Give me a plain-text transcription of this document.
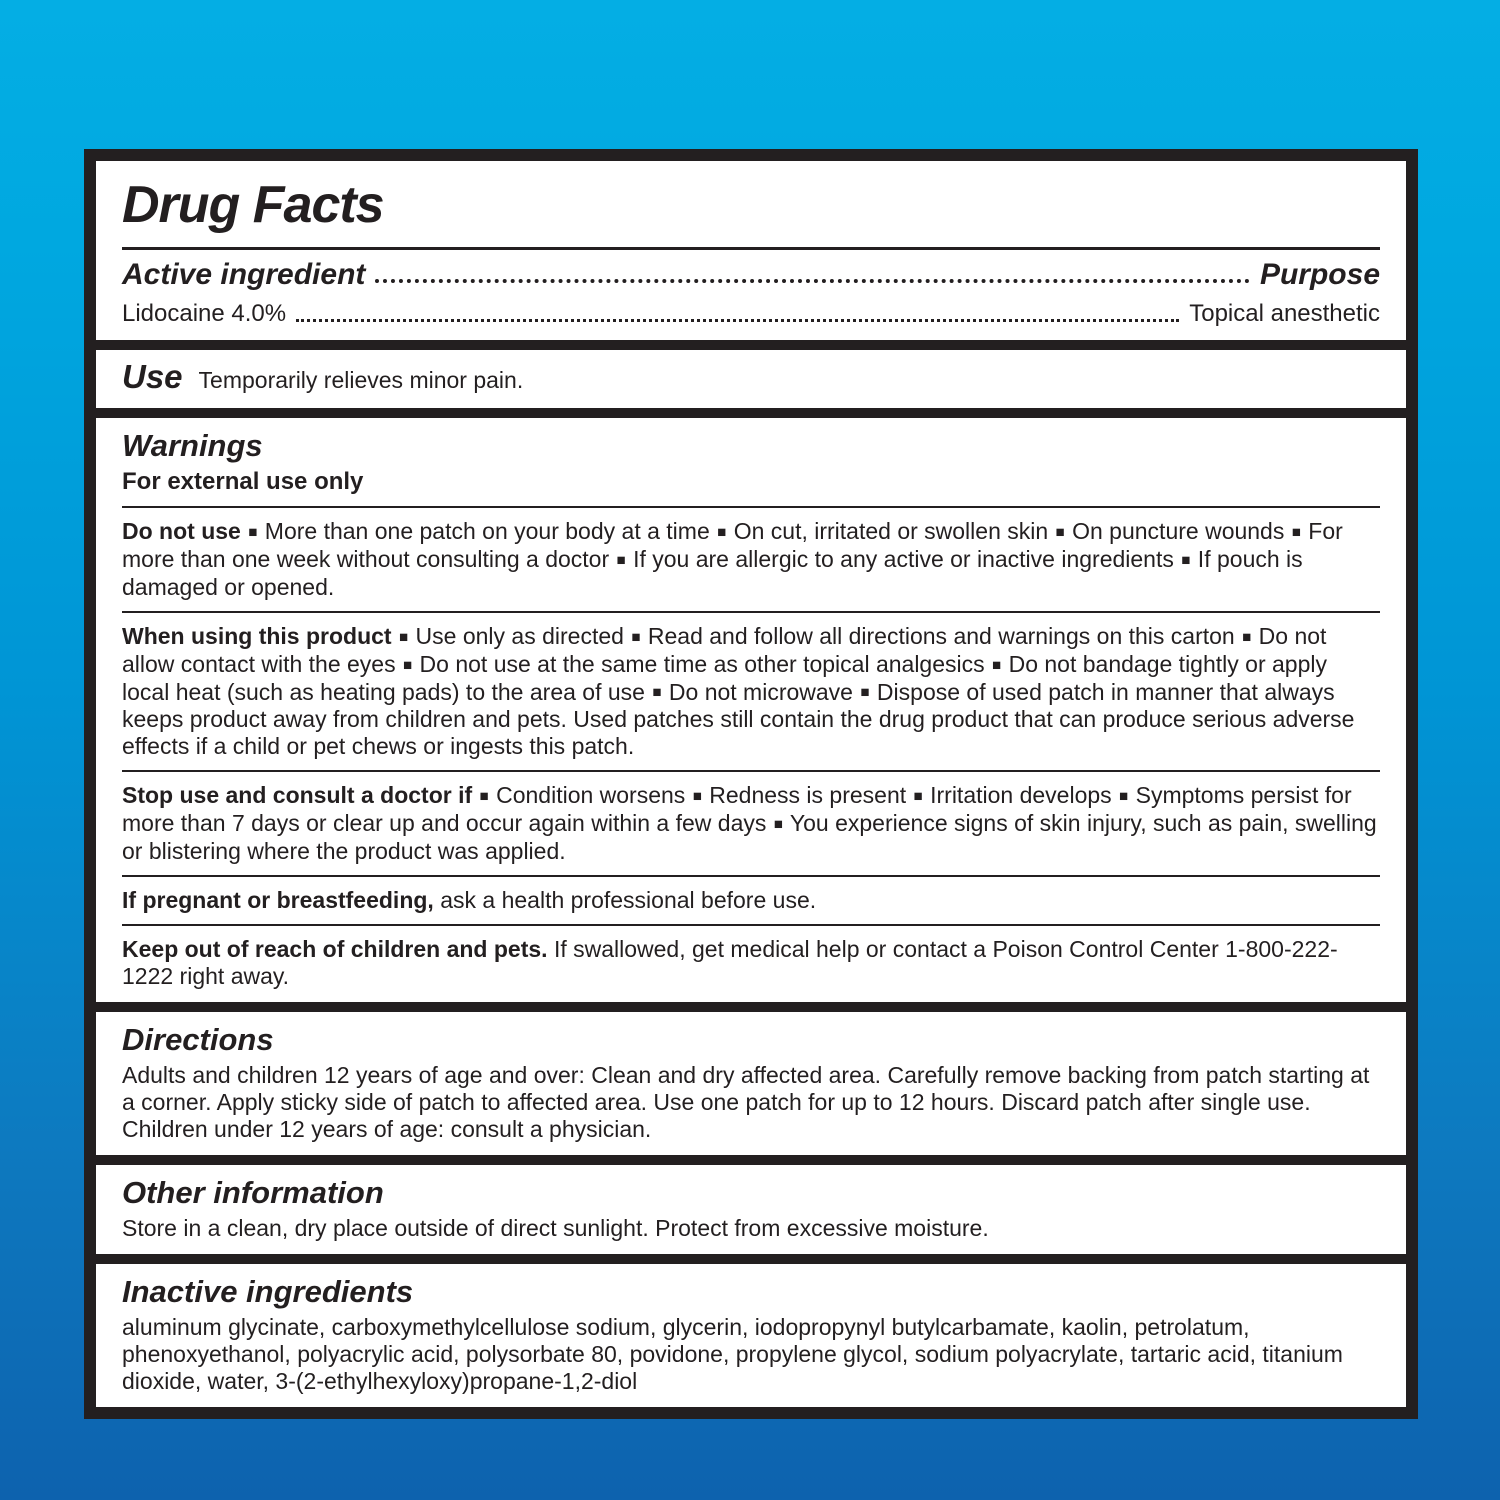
Drug Facts
Active ingredient	Purpose
Lidocaine 4.0%	Topical anesthetic
Use Temporarily relieves minor pain.
Warnings

For external use only

Do not use ■ More than one patch on your body at a time ■ On cut, irritated or swollen skin ■ On puncture wounds ■ For more than one week without consulting a doctor ■ If you are allergic to any active or inactive ingredients ■ If pouch is damaged or opened.

When using this product ■ Use only as directed ■ Read and follow all directions and warnings on this carton ■ Do not allow contact with the eyes ■ Do not use at the same time as other topical analgesics ■ Do not bandage tightly or apply local heat (such as heating pads) to the area of use ■ Do not microwave ■ Dispose of used patch in manner that always keeps product away from children and pets. Used patches still contain the drug product that can produce serious adverse effects if a child or pet chews or ingests this patch.

Stop use and consult a doctor if ■ Condition worsens ■ Redness is present ■ Irritation develops ■ Symptoms persist for more than 7 days or clear up and occur again within a few days ■ You experience signs of skin injury, such as pain, swelling or blistering where the product was applied.

If pregnant or breastfeeding, ask a health professional before use.

Keep out of reach of children and pets. If swallowed, get medical help or contact a Poison Control Center 1-800-222-1222 right away.

Directions

Adults and children 12 years of age and over: Clean and dry affected area. Carefully remove backing from patch starting at a corner. Apply sticky side of patch to affected area. Use one patch for up to 12 hours. Discard patch after single use. Children under 12 years of age: consult a physician.

Other information

Store in a clean, dry place outside of direct sunlight. Protect from excessive moisture.

Inactive ingredients

aluminum glycinate, carboxymethylcellulose sodium, glycerin, iodopropynyl butylcarbamate, kaolin, petrolatum, phenoxyethanol, polyacrylic acid, polysorbate 80, povidone, propylene glycol, sodium polyacrylate, tartaric acid, titanium dioxide, water, 3-(2-ethylhexyloxy)propane-1,2-diol
